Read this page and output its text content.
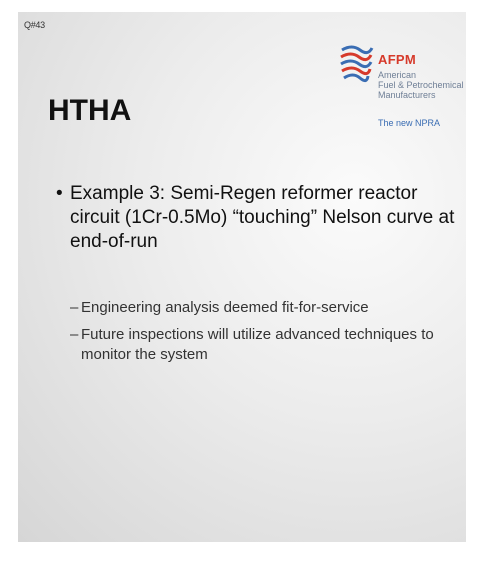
Q#43
HTHA
AFPM
American
Fuel & Petrochemical
Manufacturers
The new NPRA
• Example 3: Semi-Regen reformer reactor circuit (1Cr-0.5Mo) “touching” Nelson curve at end-of-run
– Engineering analysis deemed fit-for-service
– Future inspections will utilize advanced techniques to monitor the system
